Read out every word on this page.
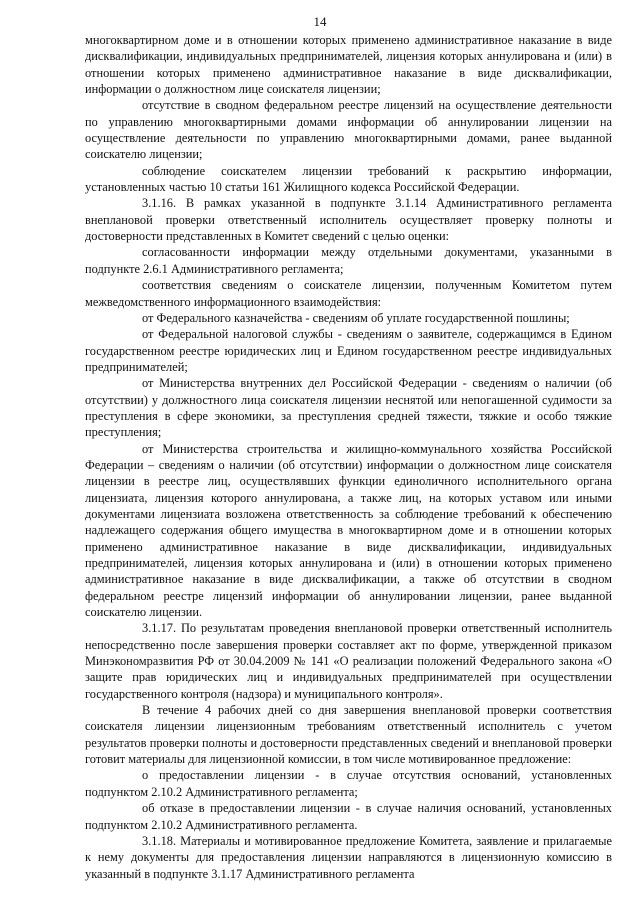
14

многоквартирном доме и в отношении которых применено административное наказание в виде дисквалификации, индивидуальных предпринимателей, лицензия которых аннулирована и (или) в отношении которых применено административное наказание в виде дисквалификации, информации о должностном лице соискателя лицензии;

отсутствие в сводном федеральном реестре лицензий на осуществление деятельности по управлению многоквартирными домами информации об аннулировании лицензии на осуществление деятельности по управлению многоквартирными домами, ранее выданной соискателю лицензии;

соблюдение соискателем лицензии требований к раскрытию информации, установленных частью 10 статьи 161 Жилищного кодекса Российской Федерации.

3.1.16. В рамках указанной в подпункте 3.1.14 Административного регламента внеплановой проверки ответственный исполнитель осуществляет проверку полноты и достоверности представленных в Комитет сведений с целью оценки:

согласованности информации между отдельными документами, указанными в подпункте 2.6.1 Административного регламента;

соответствия сведениям о соискателе лицензии, полученным Комитетом путем межведомственного информационного взаимодействия:

от Федерального казначейства - сведениям об уплате государственной пошлины;

от Федеральной налоговой службы - сведениям о заявителе, содержащимся в Едином государственном реестре юридических лиц и Едином государственном реестре индивидуальных предпринимателей;

от Министерства внутренних дел Российской Федерации - сведениям о наличии (об отсутствии) у должностного лица соискателя лицензии неснятой или непогашенной судимости за преступления в сфере экономики, за преступления средней тяжести, тяжкие и особо тяжкие преступления;

от Министерства строительства и жилищно-коммунального хозяйства Российской Федерации – сведениям о наличии (об отсутствии) информации о должностном лице соискателя лицензии в реестре лиц, осуществлявших функции единоличного исполнительного органа лицензиата, лицензия которого аннулирована, а также лиц, на которых уставом или иными документами лицензиата возложена ответственность за соблюдение требований к обеспечению надлежащего содержания общего имущества в многоквартирном доме и в отношении которых применено административное наказание в виде дисквалификации, индивидуальных предпринимателей, лицензия которых аннулирована и (или) в отношении которых применено административное наказание в виде дисквалификации, а также об отсутствии в сводном федеральном реестре лицензий информации об аннулировании лицензии, ранее выданной соискателю лицензии.

3.1.17. По результатам проведения внеплановой проверки ответственный исполнитель непосредственно после завершения проверки составляет акт по форме, утвержденной приказом Минэкономразвития РФ от 30.04.2009 № 141 «О реализации положений Федерального закона «О защите прав юридических лиц и индивидуальных предпринимателей при осуществлении государственного контроля (надзора) и муниципального контроля».

В течение 4 рабочих дней со дня завершения внеплановой проверки соответствия соискателя лицензии лицензионным требованиям ответственный исполнитель с учетом результатов проверки полноты и достоверности представленных сведений и внеплановой проверки готовит материалы для лицензионной комиссии, в том числе мотивированное предложение:

о предоставлении лицензии - в случае отсутствия оснований, установленных подпунктом 2.10.2 Административного регламента;

об отказе в предоставлении лицензии - в случае наличия оснований, установленных подпунктом 2.10.2 Административного регламента.

3.1.18. Материалы и мотивированное предложение Комитета, заявление и прилагаемые к нему документы для предоставления лицензии направляются в лицензионную комиссию в указанный в подпункте 3.1.17 Административного регламента
